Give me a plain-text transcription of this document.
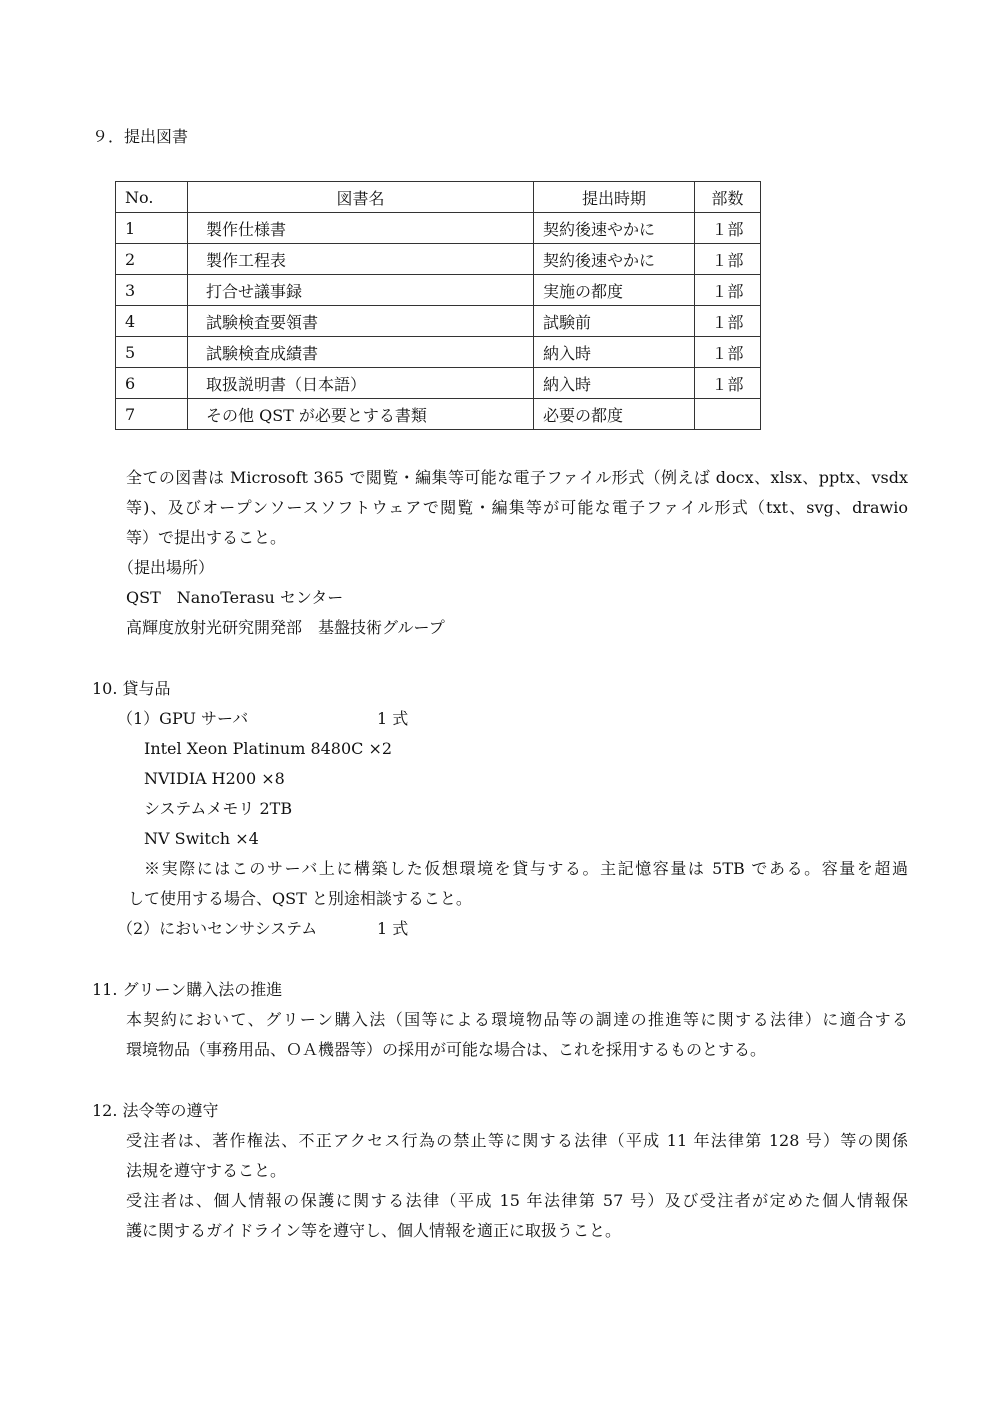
９．提出図書
No.	図書名	提出時期	部数
1	製作仕様書	契約後速やかに	１部
2	製作工程表	契約後速やかに	１部
3	打合せ議事録	実施の都度	１部
4	試験検査要領書	試験前	１部
5	試験検査成績書	納入時	１部
6	取扱説明書（日本語）	納入時	１部
7	その他 QST が必要とする書類	必要の都度	
全ての図書は Microsoft 365 で閲覧・編集等可能な電子ファイル形式（例えば docx、xlsx、pptx、vsdx
等)、及びオープンソースソフトウェアで閲覧・編集等が可能な電子ファイル形式（txt、svg、drawio
等）で提出すること。
（提出場所）
QST　NanoTerasu センター
高輝度放射光研究開発部　基盤技術グループ
10. 貸与品
（1）GPU サーバ	1 式
Intel Xeon Platinum 8480C ×2
NVIDIA H200 ×8
システムメモリ 2TB
NV Switch ×4
※実際にはこのサーバ上に構築した仮想環境を貸与する。主記憶容量は 5TB である。容量を超過
して使用する場合、QST と別途相談すること。
（2）においセンサシステム	1 式
11. グリーン購入法の推進
本契約において、グリーン購入法（国等による環境物品等の調達の推進等に関する法律）に適合する
環境物品（事務用品、ＯＡ機器等）の採用が可能な場合は、これを採用するものとする。
12. 法令等の遵守
受注者は、著作権法、不正アクセス行為の禁止等に関する法律（平成 11 年法律第 128 号）等の関係
法規を遵守すること。
受注者は、個人情報の保護に関する法律（平成 15 年法律第 57 号）及び受注者が定めた個人情報保
護に関するガイドライン等を遵守し、個人情報を適正に取扱うこと。
